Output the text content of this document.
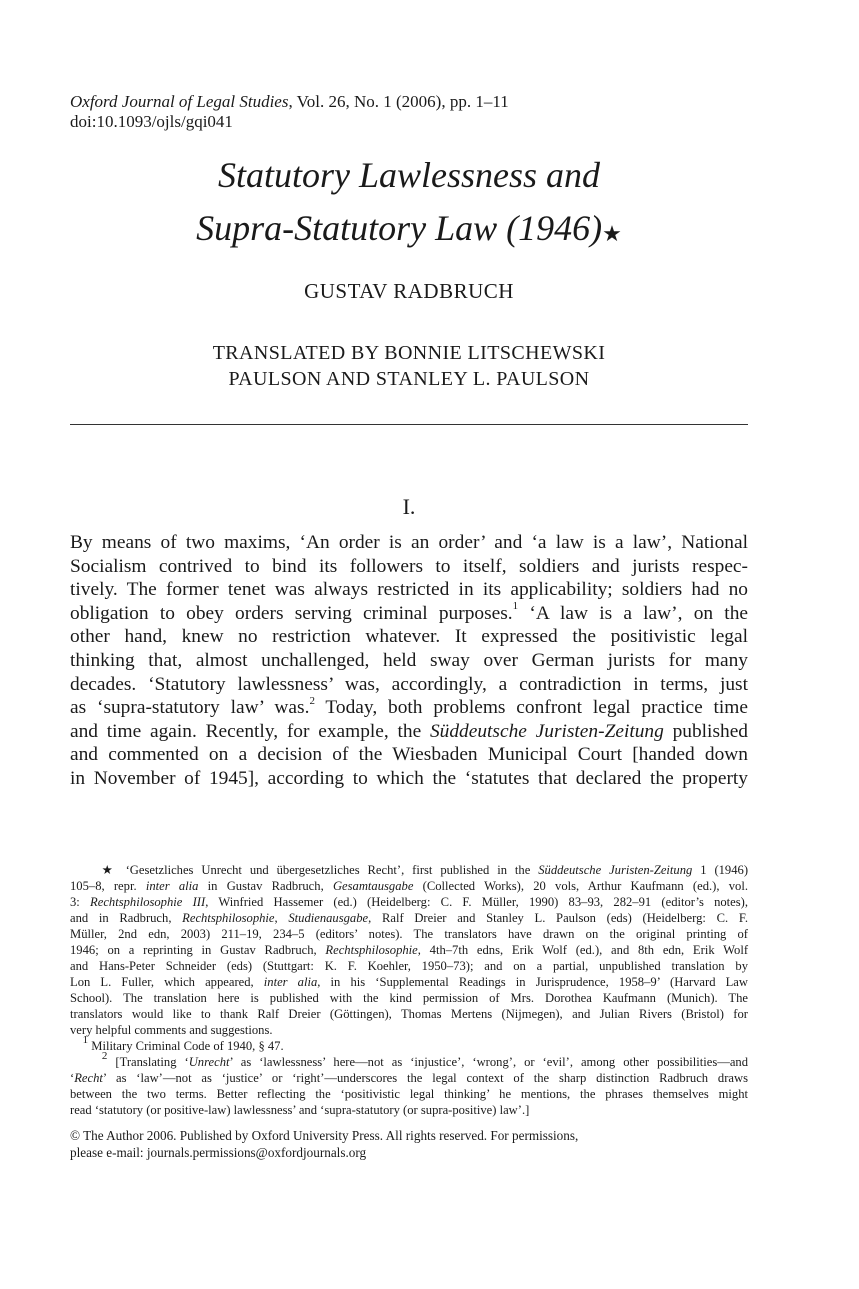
Oxford Journal of Legal Studies, Vol. 26, No. 1 (2006), pp. 1–11
doi:10.1093/ojls/gqi041
Statutory Lawlessness and
Supra-Statutory Law (1946)★
GUSTAV RADBRUCH
TRANSLATED BY BONNIE LITSCHEWSKI
PAULSON AND STANLEY L. PAULSON
I.
By means of two maxims, ‘An order is an order’ and ‘a law is a law’, National
Socialism contrived to bind its followers to itself, soldiers and jurists respec-
tively. The former tenet was always restricted in its applicability; soldiers had no
obligation to obey orders serving criminal purposes.$^1$ ‘A law is a law’, on the
other hand, knew no restriction whatever. It expressed the positivistic legal
thinking that, almost unchallenged, held sway over German jurists for many
decades. ‘Statutory lawlessness’ was, accordingly, a contradiction in terms, just
as ‘supra-statutory law’ was.$^2$ Today, both problems confront legal practice time
and time again. Recently, for example, the Süddeutsche Juristen-Zeitung published
and commented on a decision of the Wiesbaden Municipal Court [handed down
in November of 1945], according to which the ‘statutes that declared the property
★ ‘Gesetzliches Unrecht und übergesetzliches Recht’, first published in the Süddeutsche Juristen-Zeitung 1 (1946)
105–8, repr. inter alia in Gustav Radbruch, Gesamtausgabe (Collected Works), 20 vols, Arthur Kaufmann (ed.), vol.
3: Rechtsphilosophie III, Winfried Hassemer (ed.) (Heidelberg: C. F. Müller, 1990) 83–93, 282–91 (editor’s notes),
and in Radbruch, Rechtsphilosophie, Studienausgabe, Ralf Dreier and Stanley L. Paulson (eds) (Heidelberg: C. F.
Müller, 2nd edn, 2003) 211–19, 234–5 (editors’ notes). The translators have drawn on the original printing of
1946; on a reprinting in Gustav Radbruch, Rechtsphilosophie, 4th–7th edns, Erik Wolf (ed.), and 8th edn, Erik Wolf
and Hans-Peter Schneider (eds) (Stuttgart: K. F. Koehler, 1950–73); and on a partial, unpublished translation by
Lon L. Fuller, which appeared, inter alia, in his ‘Supplemental Readings in Jurisprudence, 1958–9’ (Harvard Law
School). The translation here is published with the kind permission of Mrs. Dorothea Kaufmann (Munich). The
translators would like to thank Ralf Dreier (Göttingen), Thomas Mertens (Nijmegen), and Julian Rivers (Bristol) for
very helpful comments and suggestions.
$^1$ Military Criminal Code of 1940, § 47.
$^2$ [Translating ‘Unrecht’ as ‘lawlessness’ here—not as ‘injustice’, ‘wrong’, or ‘evil’, among other possibilities—and
‘Recht’ as ‘law’—not as ‘justice’ or ‘right’—underscores the legal context of the sharp distinction Radbruch draws
between the two terms. Better reflecting the ‘positivistic legal thinking’ he mentions, the phrases themselves might
read ‘statutory (or positive-law) lawlessness’ and ‘supra-statutory (or supra-positive) law’.]
© The Author 2006. Published by Oxford University Press. All rights reserved. For permissions,
please e-mail: journals.permissions@oxfordjournals.org
